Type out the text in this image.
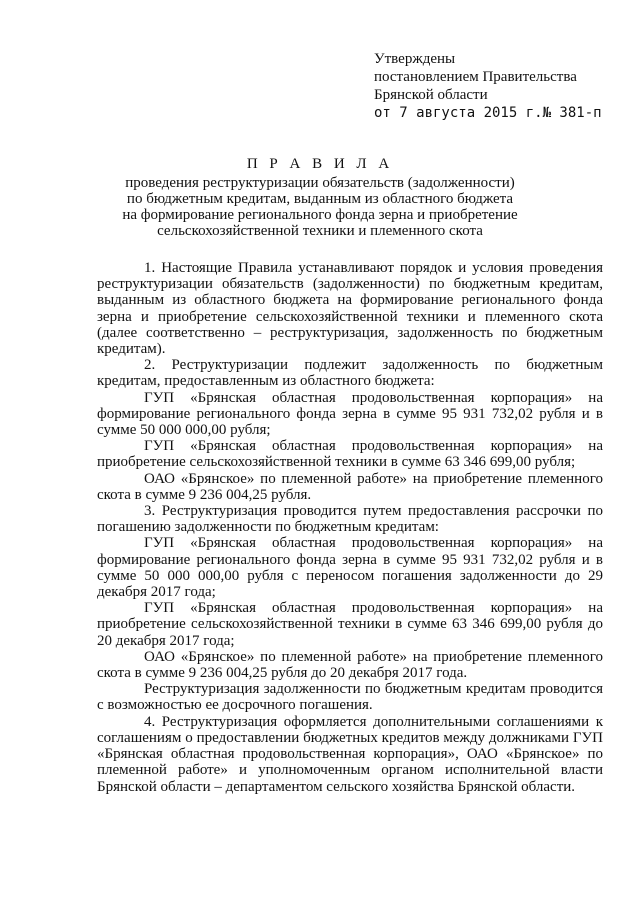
Утверждены
постановлением Правительства
Брянской области
от 7 августа 2015 г.№ 381-п
П Р А В И Л А
проведения реструктуризации обязательств (задолженности)
по бюджетным кредитам, выданным из областного бюджета
на формирование регионального фонда зерна и приобретение
сельскохозяйственной техники и племенного скота

1. Настоящие Правила устанавливают порядок и условия проведения реструктуризации обязательств (задолженности) по бюджетным кредитам, выданным из областного бюджета на формирование регионального фонда зерна и приобретение сельскохозяйственной техники и племенного скота (далее соответственно – реструктуризация, задолженность по бюджетным кредитам).

2. Реструктуризации подлежит задолженность по бюджетным кредитам, предоставленным из областного бюджета:

ГУП «Брянская областная продовольственная корпорация» на формирование регионального фонда зерна в сумме 95 931 732,02 рубля и в сумме 50 000 000,00 рубля;

ГУП «Брянская областная продовольственная корпорация» на приобретение сельскохозяйственной техники в сумме 63 346 699,00 рубля;

ОАО «Брянское» по племенной работе» на приобретение племенного скота в сумме 9 236 004,25 рубля.

3. Реструктуризация проводится путем предоставления рассрочки по погашению задолженности по бюджетным кредитам:

ГУП «Брянская областная продовольственная корпорация» на формирование регионального фонда зерна в сумме 95 931 732,02 рубля и в сумме 50 000 000,00 рубля с переносом погашения задолженности до 29 декабря 2017 года;

ГУП «Брянская областная продовольственная корпорация» на приобретение сельскохозяйственной техники в сумме 63 346 699,00 рубля до 20 декабря 2017 года;

ОАО «Брянское» по племенной работе» на приобретение племенного скота в сумме 9 236 004,25 рубля до 20 декабря 2017 года.

Реструктуризация задолженности по бюджетным кредитам проводится с возможностью ее досрочного погашения.

4. Реструктуризация оформляется дополнительными соглашениями к соглашениям о предоставлении бюджетных кредитов между должниками ГУП «Брянская областная продовольственная корпорация», ОАО «Брянское» по племенной работе» и уполномоченным органом исполнительной власти Брянской области – департаментом сельского хозяйства Брянской области.
